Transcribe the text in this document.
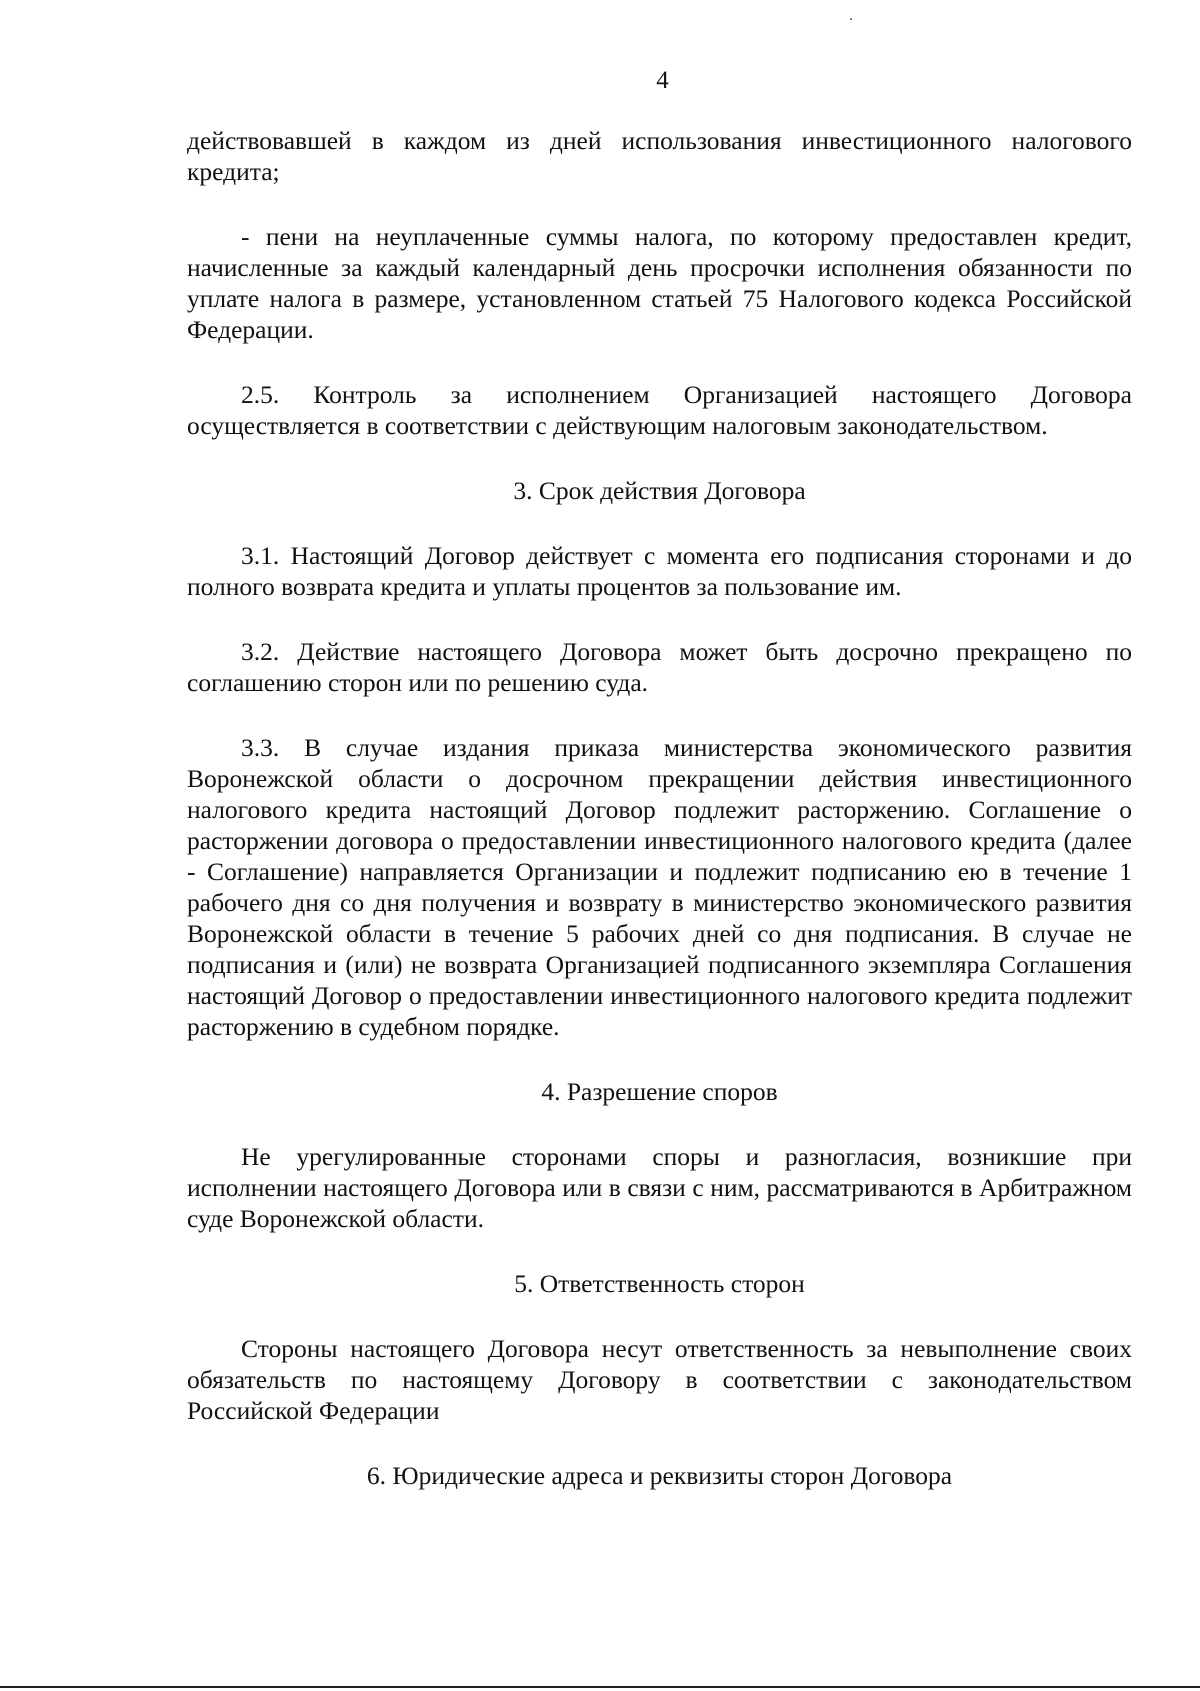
4

действовавшей в каждом из дней использования инвестиционного налогового кредита;

- пени на неуплаченные суммы налога, по которому предоставлен кредит, начисленные за каждый календарный день просрочки исполнения обязанности по уплате налога в размере, установленном статьей 75 Налогового кодекса Российской Федерации.

2.5. Контроль за исполнением Организацией настоящего Договора осуществляется в соответствии с действующим налоговым законодательством.

3. Срок действия Договора

3.1. Настоящий Договор действует с момента его подписания сторонами и до полного возврата кредита и уплаты процентов за пользование им.

3.2. Действие настоящего Договора может быть досрочно прекращено по соглашению сторон или по решению суда.

3.3. В случае издания приказа министерства экономического развития Воронежской области о досрочном прекращении действия инвестиционного налогового кредита настоящий Договор подлежит расторжению. Соглашение о расторжении договора о предоставлении инвестиционного налогового кредита (далее - Соглашение) направляется Организации и подлежит подписанию ею в течение 1 рабочего дня со дня получения и возврату в министерство экономического развития Воронежской области в течение 5 рабочих дней со дня подписания. В случае не подписания и (или) не возврата Организацией подписанного экземпляра Соглашения настоящий Договор о предоставлении инвестиционного налогового кредита подлежит расторжению в судебном порядке.

4. Разрешение споров

Не урегулированные сторонами споры и разногласия, возникшие при исполнении настоящего Договора или в связи с ним, рассматриваются в Арбитражном суде Воронежской области.

5. Ответственность сторон

Стороны настоящего Договора несут ответственность за невыполнение своих обязательств по настоящему Договору в соответствии с законодательством Российской Федерации

6. Юридические адреса и реквизиты сторон Договора
